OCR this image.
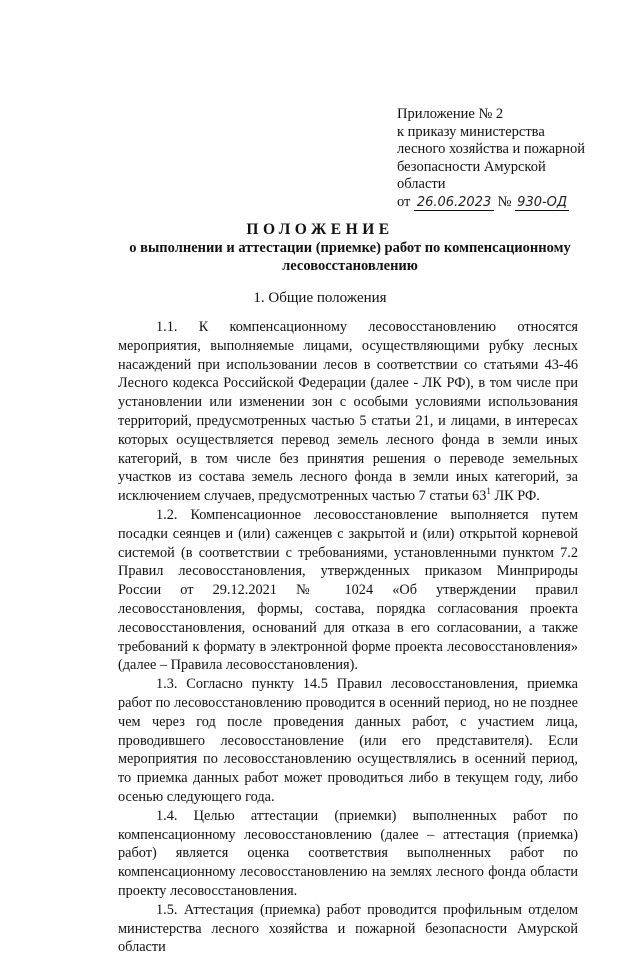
Приложение № 2
к приказу министерства
лесного хозяйства и пожарной
безопасности Амурской
области
от 26.06.2023 № 930-ОД
ПОЛОЖЕНИЕ
о выполнении и аттестации (приемке) работ по компенсационному лесовосстановлению
1. Общие положения

1.1. К компенсационному лесовосстановлению относятся мероприятия, выполняемые лицами, осуществляющими рубку лесных насаждений при использовании лесов в соответствии со статьями 43-46 Лесного кодекса Российской Федерации (далее - ЛК РФ), в том числе при установлении или изменении зон с особыми условиями использования территорий, предусмотренных частью 5 статьи 21, и лицами, в интересах которых осуществляется перевод земель лесного фонда в земли иных категорий, в том числе без принятия решения о переводе земельных участков из состава земель лесного фонда в земли иных категорий, за исключением случаев, предусмотренных частью 7 статьи $63^1$ ЛК РФ.

1.2. Компенсационное лесовосстановление выполняется путем посадки сеянцев и (или) саженцев с закрытой и (или) открытой корневой системой (в соответствии с требованиями, установленными пунктом 7.2 Правил лесовосстановления, утвержденных приказом Минприроды России от 29.12.2021 № 1024 «Об утверждении правил лесовосстановления, формы, состава, порядка согласования проекта лесовосстановления, оснований для отказа в его согласовании, а также требований к формату в электронной форме проекта лесовосстановления» (далее – Правила лесовосстановления).

1.3. Согласно пункту 14.5 Правил лесовосстановления, приемка работ по лесовосстановлению проводится в осенний период, но не позднее чем через год после проведения данных работ, с участием лица, проводившего лесовосстановление (или его представителя). Если мероприятия по лесовосстановлению осуществлялись в осенний период, то приемка данных работ может проводиться либо в текущем году, либо осенью следующего года.

1.4. Целью аттестации (приемки) выполненных работ по компенсационному лесовосстановлению (далее – аттестация (приемка) работ) является оценка соответствия выполненных работ по компенсационному лесовосстановлению на землях лесного фонда области проекту лесовосстановления.

1.5. Аттестация (приемка) работ проводится профильным отделом министерства лесного хозяйства и пожарной безопасности Амурской области
